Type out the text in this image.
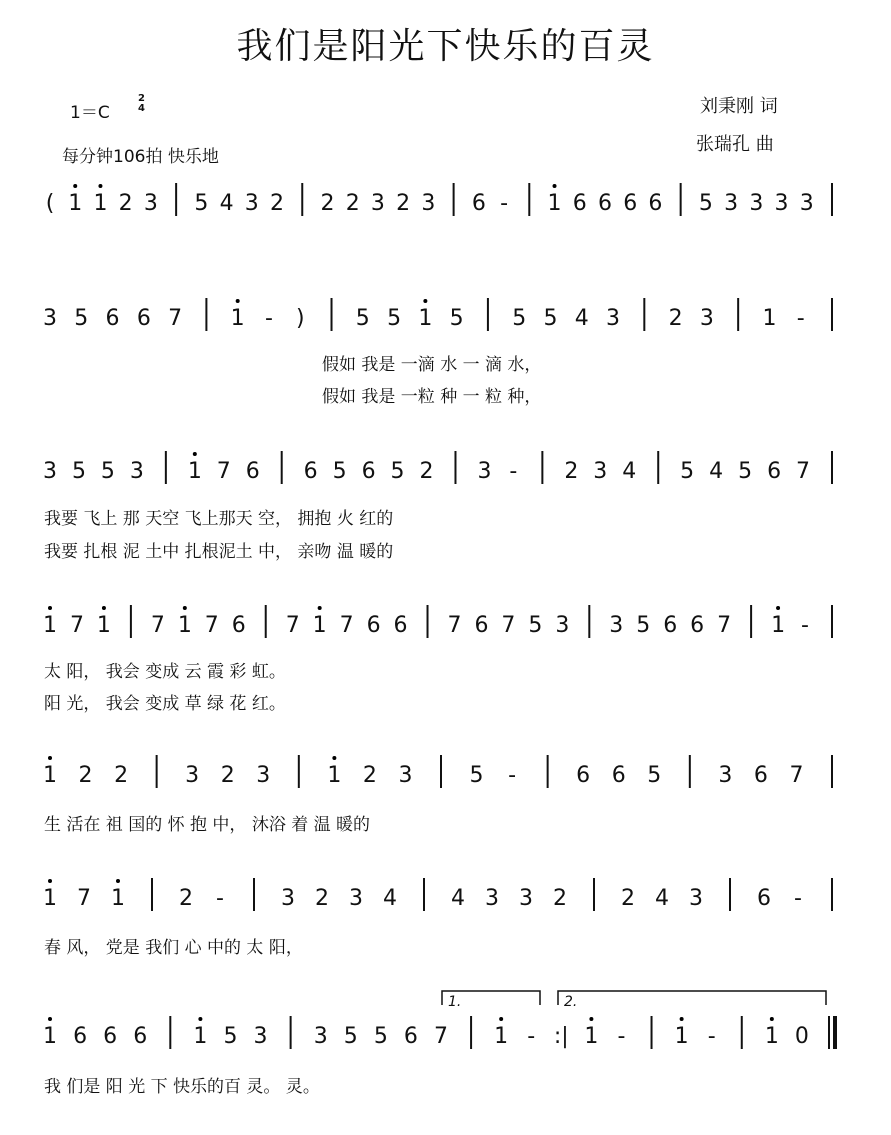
我们是阳光下快乐的百灵
1＝C
2
4
每分钟106拍 快乐地
刘秉刚 词
张瑞孔 曲
( 1 1 2 3 5 4 3 2 2 2 3 2 3 6 - 1 6 6 6 6 5 3 3 3 3
3 5 6 6 7 1 - ) 5 5 1 5 5 5 4 3 2 3 1 -
3 5 5 3 1 7 6 6 5 6 5 2 3 - 2 3 4 5 4 5 6 7
1 7 1 7 1 7 6 7 1 7 6 6 7 6 7 5 3 3 5 6 6 7 1 -
1 2 2	3 2 3	1 2 3	5 -	6 6 5	3 6 7
1 7 1 2 -	3 2 3 4 4 3 3 2 2 4 3 6 -
1 6 6 6 1 5 3 3 5 5 6 7 1 - :| 1 - 1 - 1 0
1.	2.
假如 我是 一滴 水 一 滴 水，
假如 我是 一粒 种 一 粒 种，
我要 飞上 那 天空 飞上那天 空， 拥抱 火 红的
我要 扎根 泥 土中 扎根泥土 中， 亲吻 温 暖的
太 阳， 我会 变成 云 霞 彩 虹。
阳 光， 我会 变成 草 绿 花 红。
生 活在 祖 国的 怀 抱 中， 沐浴 着 温 暖的
春 风， 党是 我们 心 中的 太 阳，
我 们是 阳 光 下 快乐的百 灵。 灵。
